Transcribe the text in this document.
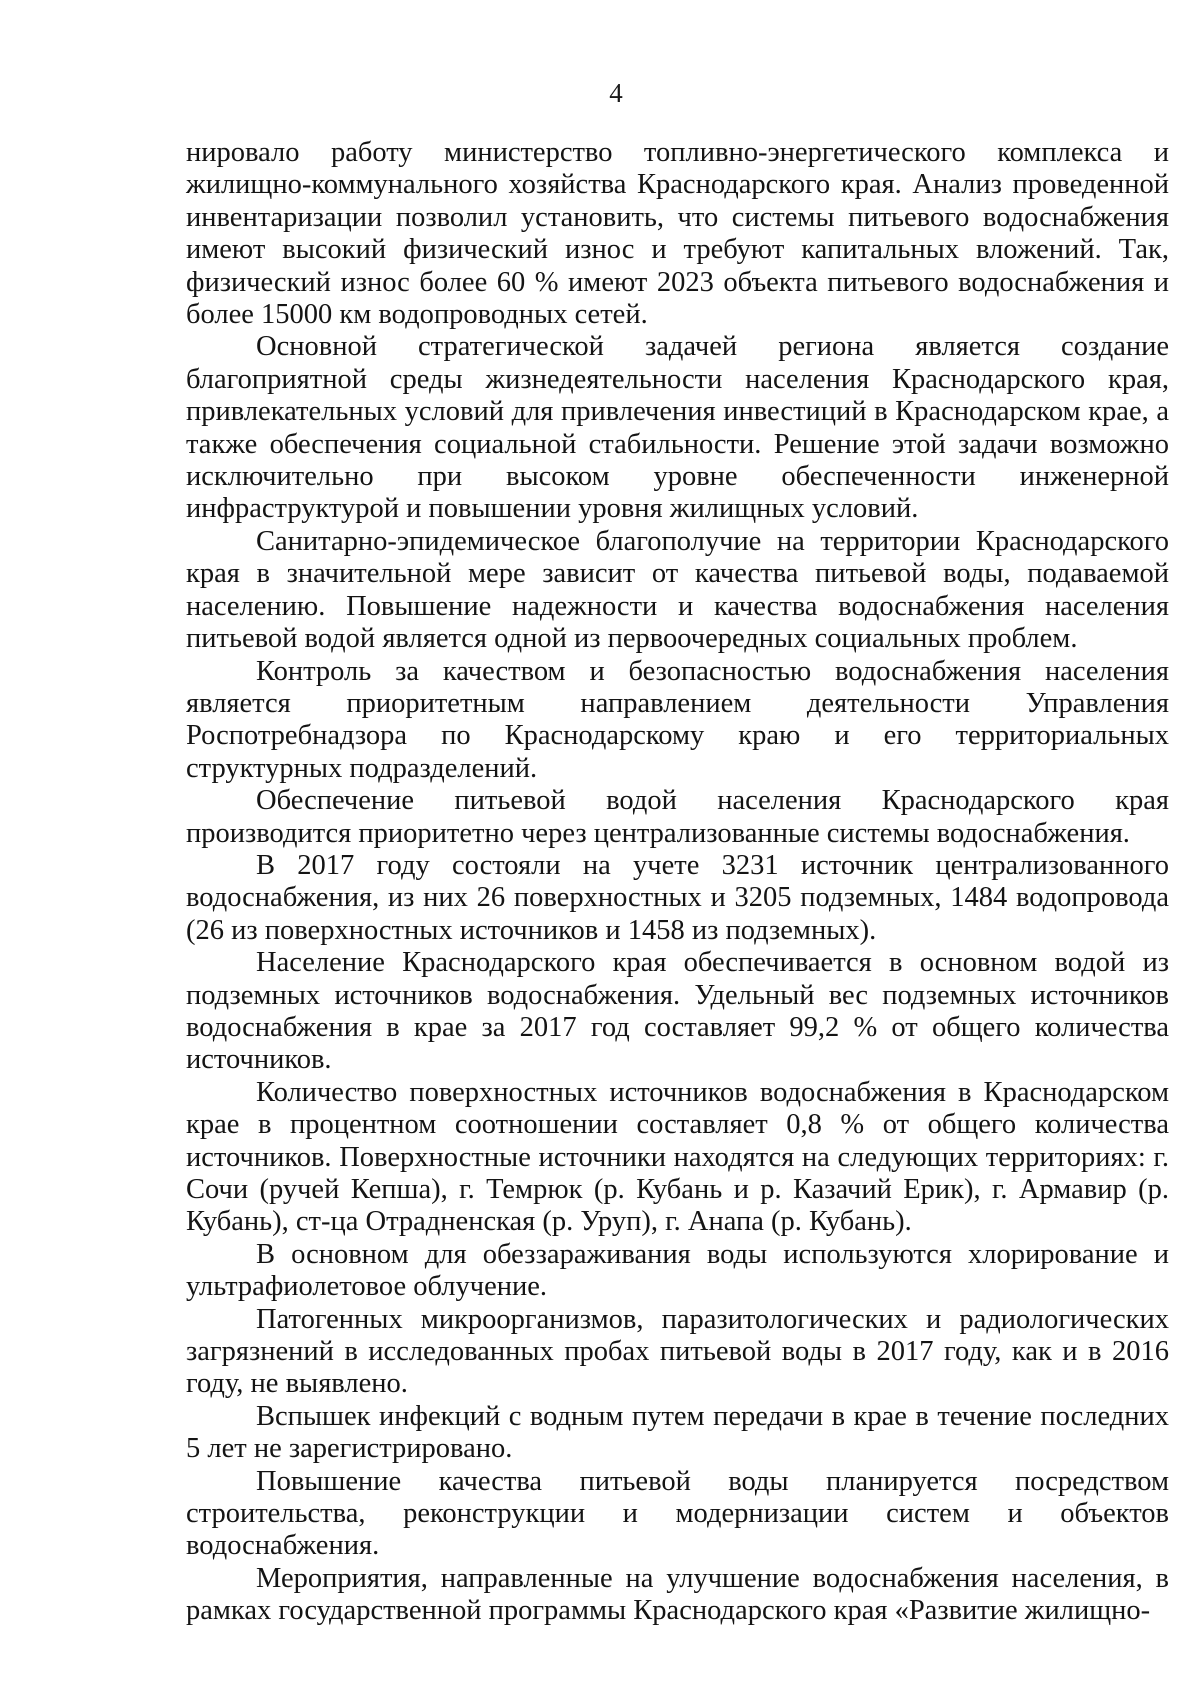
4

нировало работу министерство топливно-энергетического комплекса и жилищно-коммунального хозяйства Краснодарского края. Анализ проведенной инвентаризации позволил установить, что системы питьевого водоснабжения имеют высокий физический износ и требуют капитальных вложений. Так, физический износ более 60 % имеют 2023 объекта питьевого водоснабжения и более 15000 км водопроводных сетей.

Основной стратегической задачей региона является создание благоприятной среды жизнедеятельности населения Краснодарского края, привлекательных условий для привлечения инвестиций в Краснодарском крае, а также обеспечения социальной стабильности. Решение этой задачи возможно исключительно при высоком уровне обеспеченности инженерной инфраструктурой и повышении уровня жилищных условий.

Санитарно-эпидемическое благополучие на территории Краснодарского края в значительной мере зависит от качества питьевой воды, подаваемой населению. Повышение надежности и качества водоснабжения населения питьевой водой является одной из первоочередных социальных проблем.

Контроль за качеством и безопасностью водоснабжения населения является приоритетным направлением деятельности Управления Роспотребнадзора по Краснодарскому краю и его территориальных структурных подразделений.

Обеспечение питьевой водой населения Краснодарского края производится приоритетно через централизованные системы водоснабжения.

В 2017 году состояли на учете 3231 источник централизованного водоснабжения, из них 26 поверхностных и 3205 подземных, 1484 водопровода (26 из поверхностных источников и 1458 из подземных).

Население Краснодарского края обеспечивается в основном водой из подземных источников водоснабжения. Удельный вес подземных источников водоснабжения в крае за 2017 год составляет 99,2 % от общего количества источников.

Количество поверхностных источников водоснабжения в Краснодарском крае в процентном соотношении составляет 0,8 % от общего количества источников. Поверхностные источники находятся на следующих территориях: г. Сочи (ручей Кепша), г. Темрюк (р. Кубань и р. Казачий Ерик), г. Армавир (р. Кубань), ст-ца Отрадненская (р. Уруп), г. Анапа (р. Кубань).

В основном для обеззараживания воды используются хлорирование и ультрафиолетовое облучение.

Патогенных микроорганизмов, паразитологических и радиологических загрязнений в исследованных пробах питьевой воды в 2017 году, как и в 2016 году, не выявлено.

Вспышек инфекций с водным путем передачи в крае в течение последних 5 лет не зарегистрировано.

Повышение качества питьевой воды планируется посредством строительства, реконструкции и модернизации систем и объектов водоснабжения.

Мероприятия, направленные на улучшение водоснабжения населения, в рамках государственной программы Краснодарского края «Развитие жилищно-
